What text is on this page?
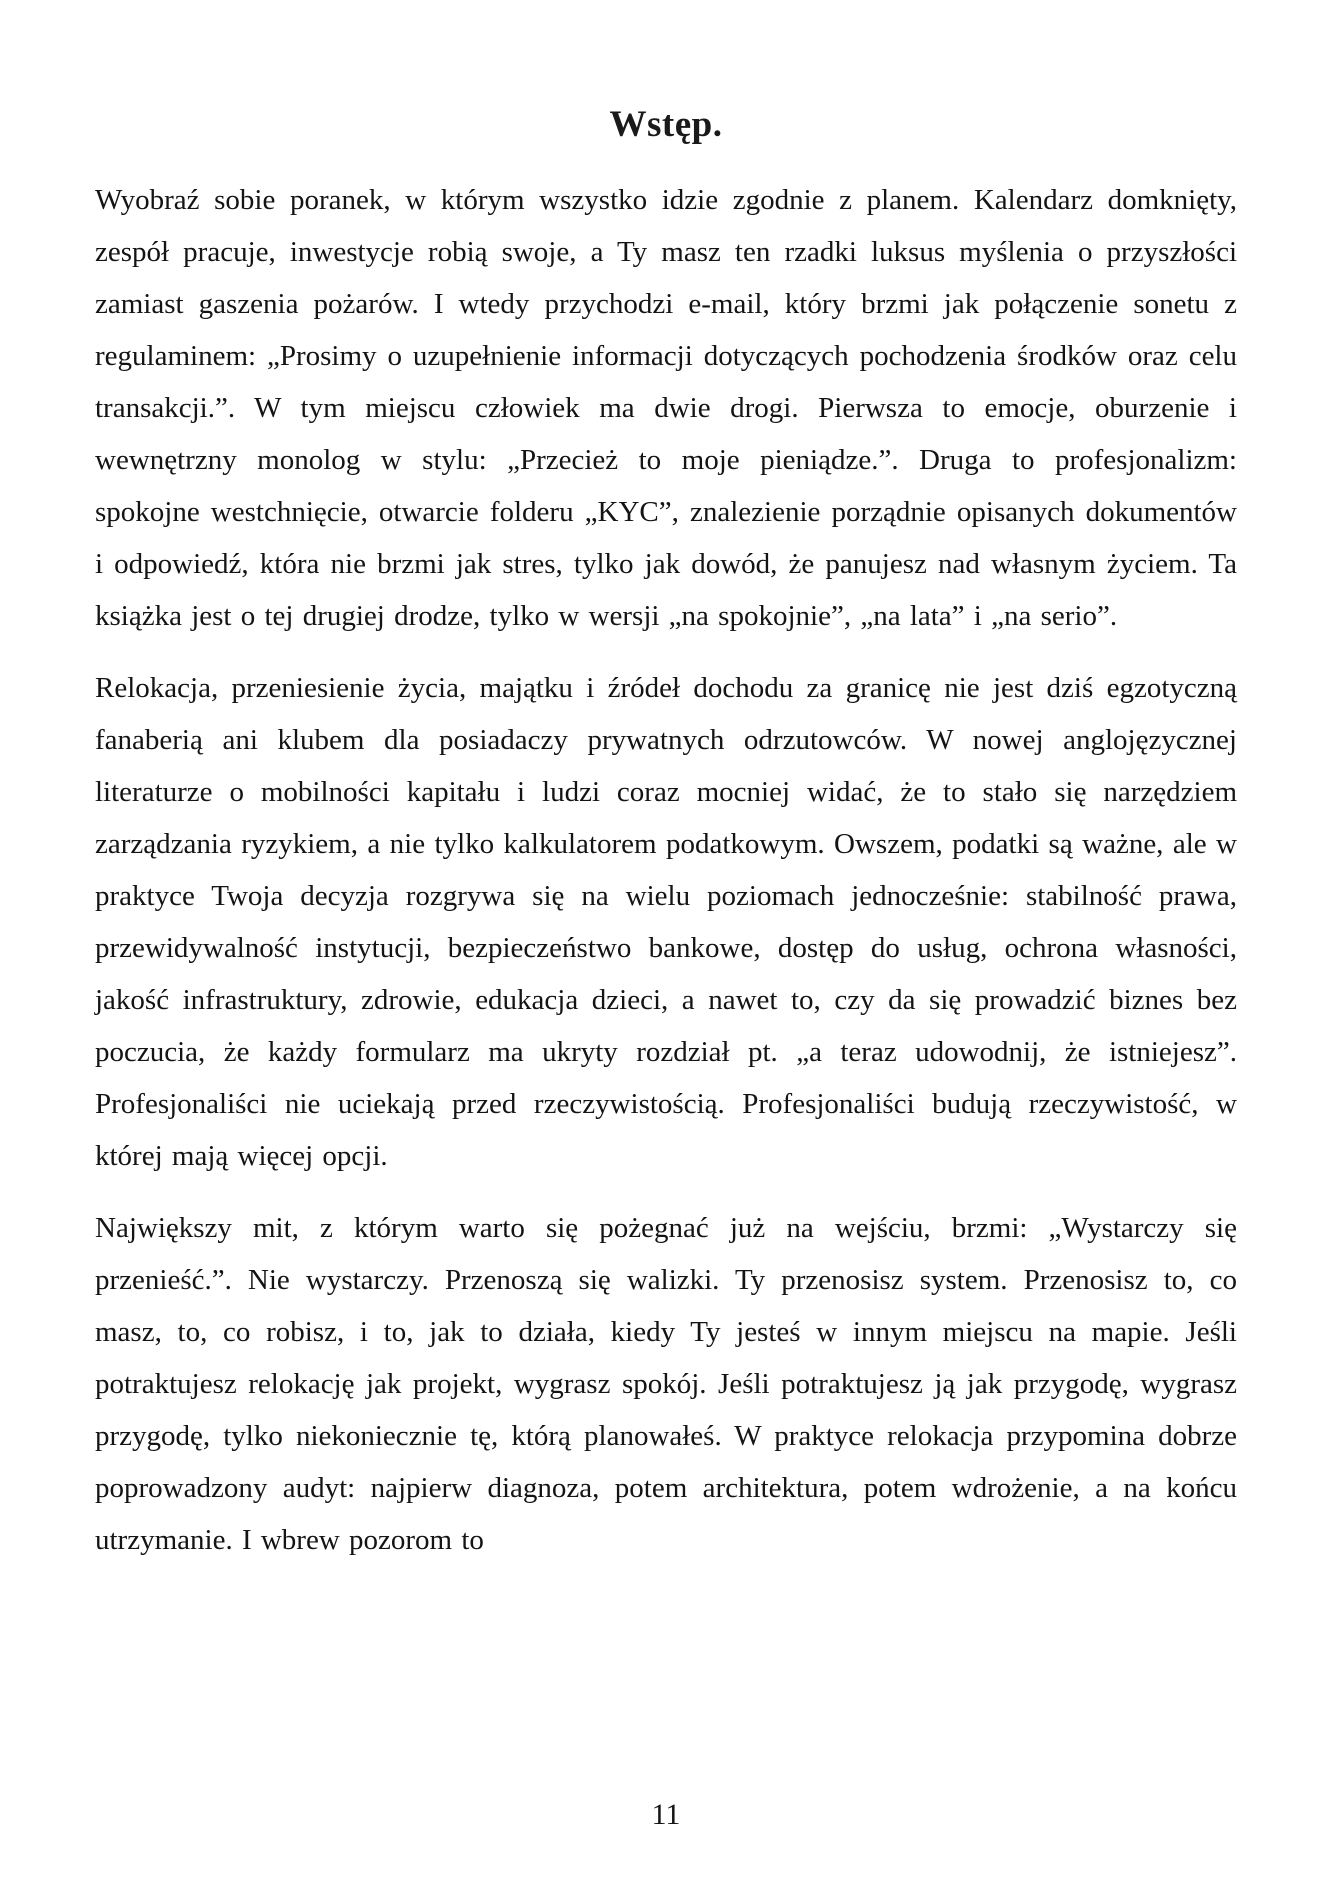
Wstęp.

Wyobraź sobie poranek, w którym wszystko idzie zgodnie z planem. Kalendarz domknięty, zespół pracuje, inwestycje robią swoje, a Ty masz ten rzadki luksus myślenia o przyszłości zamiast gaszenia pożarów. I wtedy przychodzi e-mail, który brzmi jak połączenie sonetu z regulaminem: „Prosimy o uzupełnienie informacji dotyczących pochodzenia środków oraz celu transakcji.”. W tym miejscu człowiek ma dwie drogi. Pierwsza to emocje, oburzenie i wewnętrzny monolog w stylu: „Przecież to moje pieniądze.”. Druga to profesjonalizm: spokojne westchnięcie, otwarcie folderu „KYC”, znalezienie porządnie opisanych dokumentów i odpowiedź, która nie brzmi jak stres, tylko jak dowód, że panujesz nad własnym życiem. Ta książka jest o tej drugiej drodze, tylko w wersji „na spokojnie”, „na lata” i „na serio”.

Relokacja, przeniesienie życia, majątku i źródeł dochodu za granicę nie jest dziś egzotyczną fanaberią ani klubem dla posiadaczy prywatnych odrzutowców. W nowej anglojęzycznej literaturze o mobilności kapitału i ludzi coraz mocniej widać, że to stało się narzędziem zarządzania ryzykiem, a nie tylko kalkulatorem podatkowym. Owszem, podatki są ważne, ale w praktyce Twoja decyzja rozgrywa się na wielu poziomach jednocześnie: stabilność prawa, przewidywalność instytucji, bezpieczeństwo bankowe, dostęp do usług, ochrona własności, jakość infrastruktury, zdrowie, edukacja dzieci, a nawet to, czy da się prowadzić biznes bez poczucia, że każdy formularz ma ukryty rozdział pt. „a teraz udowodnij, że istniejesz”. Profesjonaliści nie uciekają przed rzeczywistością. Profesjonaliści budują rzeczywistość, w której mają więcej opcji.

Największy mit, z którym warto się pożegnać już na wejściu, brzmi: „Wystarczy się przenieść.”. Nie wystarczy. Przenoszą się walizki. Ty przenosisz system. Przenosisz to, co masz, to, co robisz, i to, jak to działa, kiedy Ty jesteś w innym miejscu na mapie. Jeśli potraktujesz relokację jak projekt, wygrasz spokój. Jeśli potraktujesz ją jak przygodę, wygrasz przygodę, tylko niekoniecznie tę, którą planowałeś. W praktyce relokacja przypomina dobrze poprowadzony audyt: najpierw diagnoza, potem architektura, potem wdrożenie, a na końcu utrzymanie. I wbrew pozorom to

11
